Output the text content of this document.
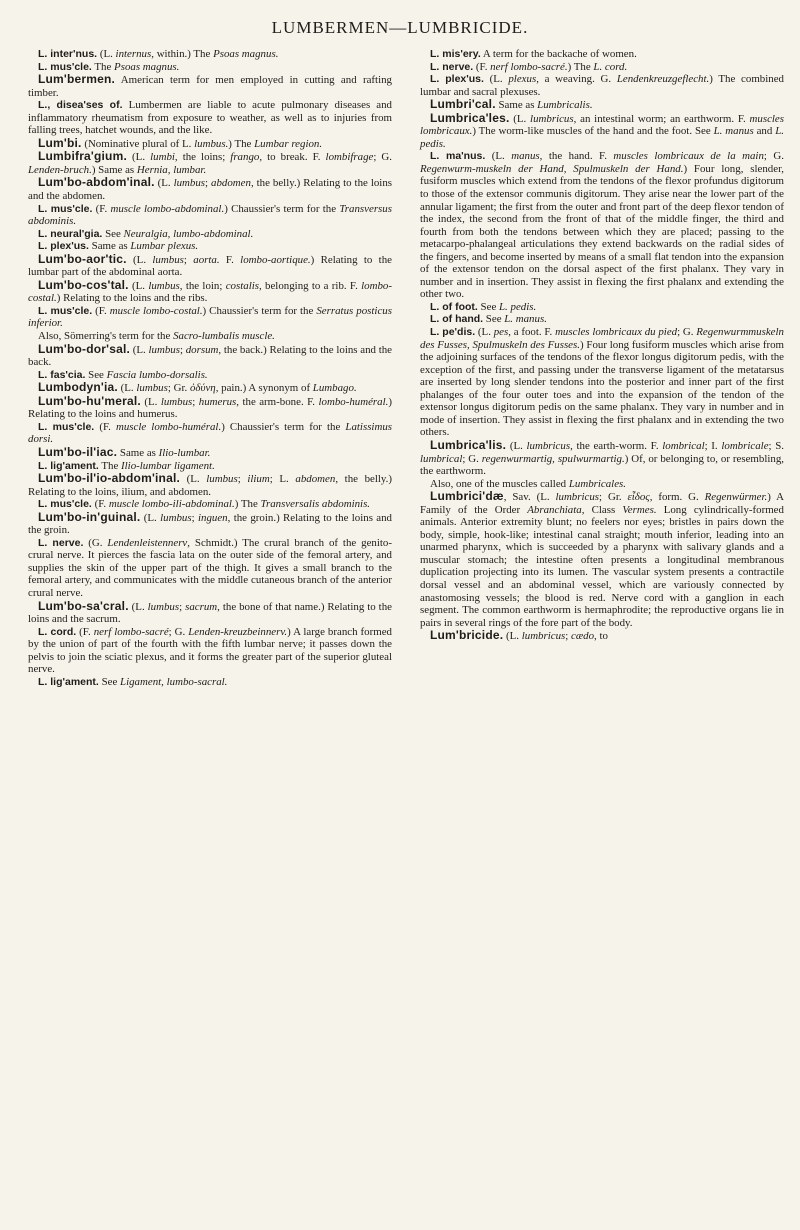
LUMBERMEN—LUMBRICIDE.

L. inter'nus. (L. internus, within.) The Psoas magnus.

L. mus'cle. The Psoas magnus.

Lum'bermen. American term for men employed in cutting and rafting timber.

L., disea'ses of. Lumbermen are liable to acute pulmonary diseases and inflammatory rheumatism from exposure to weather, as well as to injuries from falling trees, hatchet wounds, and the like.

Lum'bi. (Nominative plural of L. lumbus.) The Lumbar region.

Lumbifra'gium. (L. lumbi, the loins; frango, to break. F. lombifrage; G. Lenden-bruch.) Same as Hernia, lumbar.

Lum'bo-abdom'inal. (L. lumbus; abdomen, the belly.) Relating to the loins and the abdomen.

L. mus'cle. (F. muscle lombo-abdominal.) Chaussier's term for the Transversus abdominis.

L. neural'gia. See Neuralgia, lumbo-abdominal.

L. plex'us. Same as Lumbar plexus.

Lum'bo-aor'tic. (L. lumbus; aorta. F. lombo-aortique.) Relating to the lumbar part of the abdominal aorta.

Lum'bo-cos'tal. (L. lumbus, the loin; costalis, belonging to a rib. F. lombo-costal.) Relating to the loins and the ribs.

L. mus'cle. (F. muscle lombo-costal.) Chaussier's term for the Serratus posticus inferior.

Also, Sömerring's term for the Sacro-lumbalis muscle.

Lum'bo-dor'sal. (L. lumbus; dorsum, the back.) Relating to the loins and the back.

L. fas'cia. See Fascia lumbo-dorsalis.

Lumbodyn'ia. (L. lumbus; Gr. ὀδύνη, pain.) A synonym of Lumbago.

Lum'bo-hu'meral. (L. lumbus; humerus, the arm-bone. F. lombo-huméral.) Relating to the loins and humerus.

L. mus'cle. (F. muscle lombo-huméral.) Chaussier's term for the Latissimus dorsi.

Lum'bo-il'iac. Same as Ilio-lumbar.

L. lig'ament. The Ilio-lumbar ligament.

Lum'bo-il'io-abdom'inal. (L. lumbus; ilium; L. abdomen, the belly.) Relating to the loins, ilium, and abdomen.

L. mus'cle. (F. muscle lombo-ili-abdominal.) The Transversalis abdominis.

Lum'bo-in'guinal. (L. lumbus; inguen, the groin.) Relating to the loins and the groin.

L. nerve. (G. Lendenleistennerv, Schmidt.) The crural branch of the genito-crural nerve. It pierces the fascia lata on the outer side of the femoral artery, and supplies the skin of the upper part of the thigh. It gives a small branch to the femoral artery, and communicates with the middle cutaneous branch of the anterior crural nerve.

Lum'bo-sa'cral. (L. lumbus; sacrum, the bone of that name.) Relating to the loins and the sacrum.

L. cord. (F. nerf lombo-sacré; G. Lenden-kreuzbeinnerv.) A large branch formed by the union of part of the fourth with the fifth lumbar nerve; it passes down the pelvis to join the sciatic plexus, and it forms the greater part of the superior gluteal nerve.

L. lig'ament. See Ligament, lumbo-sacral.

L. mis'ery. A term for the backache of women.

L. nerve. (F. nerf lombo-sacré.) The L. cord.

L. plex'us. (L. plexus, a weaving. G. Lendenkreuzgeflecht.) The combined lumbar and sacral plexuses.

Lumbri'cal. Same as Lumbricalis.

Lumbrica'les. (L. lumbricus, an intestinal worm; an earthworm. F. muscles lombricaux.) The worm-like muscles of the hand and the foot. See L. manus and L. pedis.

L. ma'nus. (L. manus, the hand. F. muscles lombricaux de la main; G. Regenwurm-muskeln der Hand, Spulmuskeln der Hand.) Four long, slender, fusiform muscles which extend from the tendons of the flexor profundus digitorum to those of the extensor communis digitorum. They arise near the lower part of the annular ligament; the first from the outer and front part of the deep flexor tendon of the index, the second from the front of that of the middle finger, the third and fourth from both the tendons between which they are placed; passing to the metacarpo-phalangeal articulations they extend backwards on the radial sides of the fingers, and become inserted by means of a small flat tendon into the expansion of the extensor tendon on the dorsal aspect of the first phalanx. They vary in number and in insertion. They assist in flexing the first phalanx and extending the other two.

L. of foot. See L. pedis.

L. of hand. See L. manus.

L. pe'dis. (L. pes, a foot. F. muscles lombricaux du pied; G. Regenwurmmuskeln des Fusses, Spulmuskeln des Fusses.) Four long fusiform muscles which arise from the adjoining surfaces of the tendons of the flexor longus digitorum pedis, with the exception of the first, and passing under the transverse ligament of the metatarsus are inserted by long slender tendons into the posterior and inner part of the first phalanges of the four outer toes and into the expansion of the tendon of the extensor longus digitorum pedis on the same phalanx. They vary in number and in mode of insertion. They assist in flexing the first phalanx and in extending the two others.

Lumbrica'lis. (L. lumbricus, the earth-worm. F. lombrical; I. lombricale; S. lumbrical; G. regenwurmartig, spulwurmartig.) Of, or belonging to, or resembling, the earthworm.

Also, one of the muscles called Lumbricales.

Lumbrici'dæ, Sav. (L. lumbricus; Gr. εἶδος, form. G. Regenwürmer.) A Family of the Order Abranchiata, Class Vermes. Long cylindrically-formed animals. Anterior extremity blunt; no feelers nor eyes; bristles in pairs down the body, simple, hook-like; intestinal canal straight; mouth inferior, leading into an unarmed pharynx, which is succeeded by a pharynx with salivary glands and a muscular stomach; the intestine often presents a longitudinal membranous duplication projecting into its lumen. The vascular system presents a contractile dorsal vessel and an abdominal vessel, which are variously connected by anastomosing vessels; the blood is red. Nerve cord with a ganglion in each segment. The common earthworm is hermaphrodite; the reproductive organs lie in pairs in several rings of the fore part of the body.

Lum'bricide. (L. lumbricus; cædo, to
